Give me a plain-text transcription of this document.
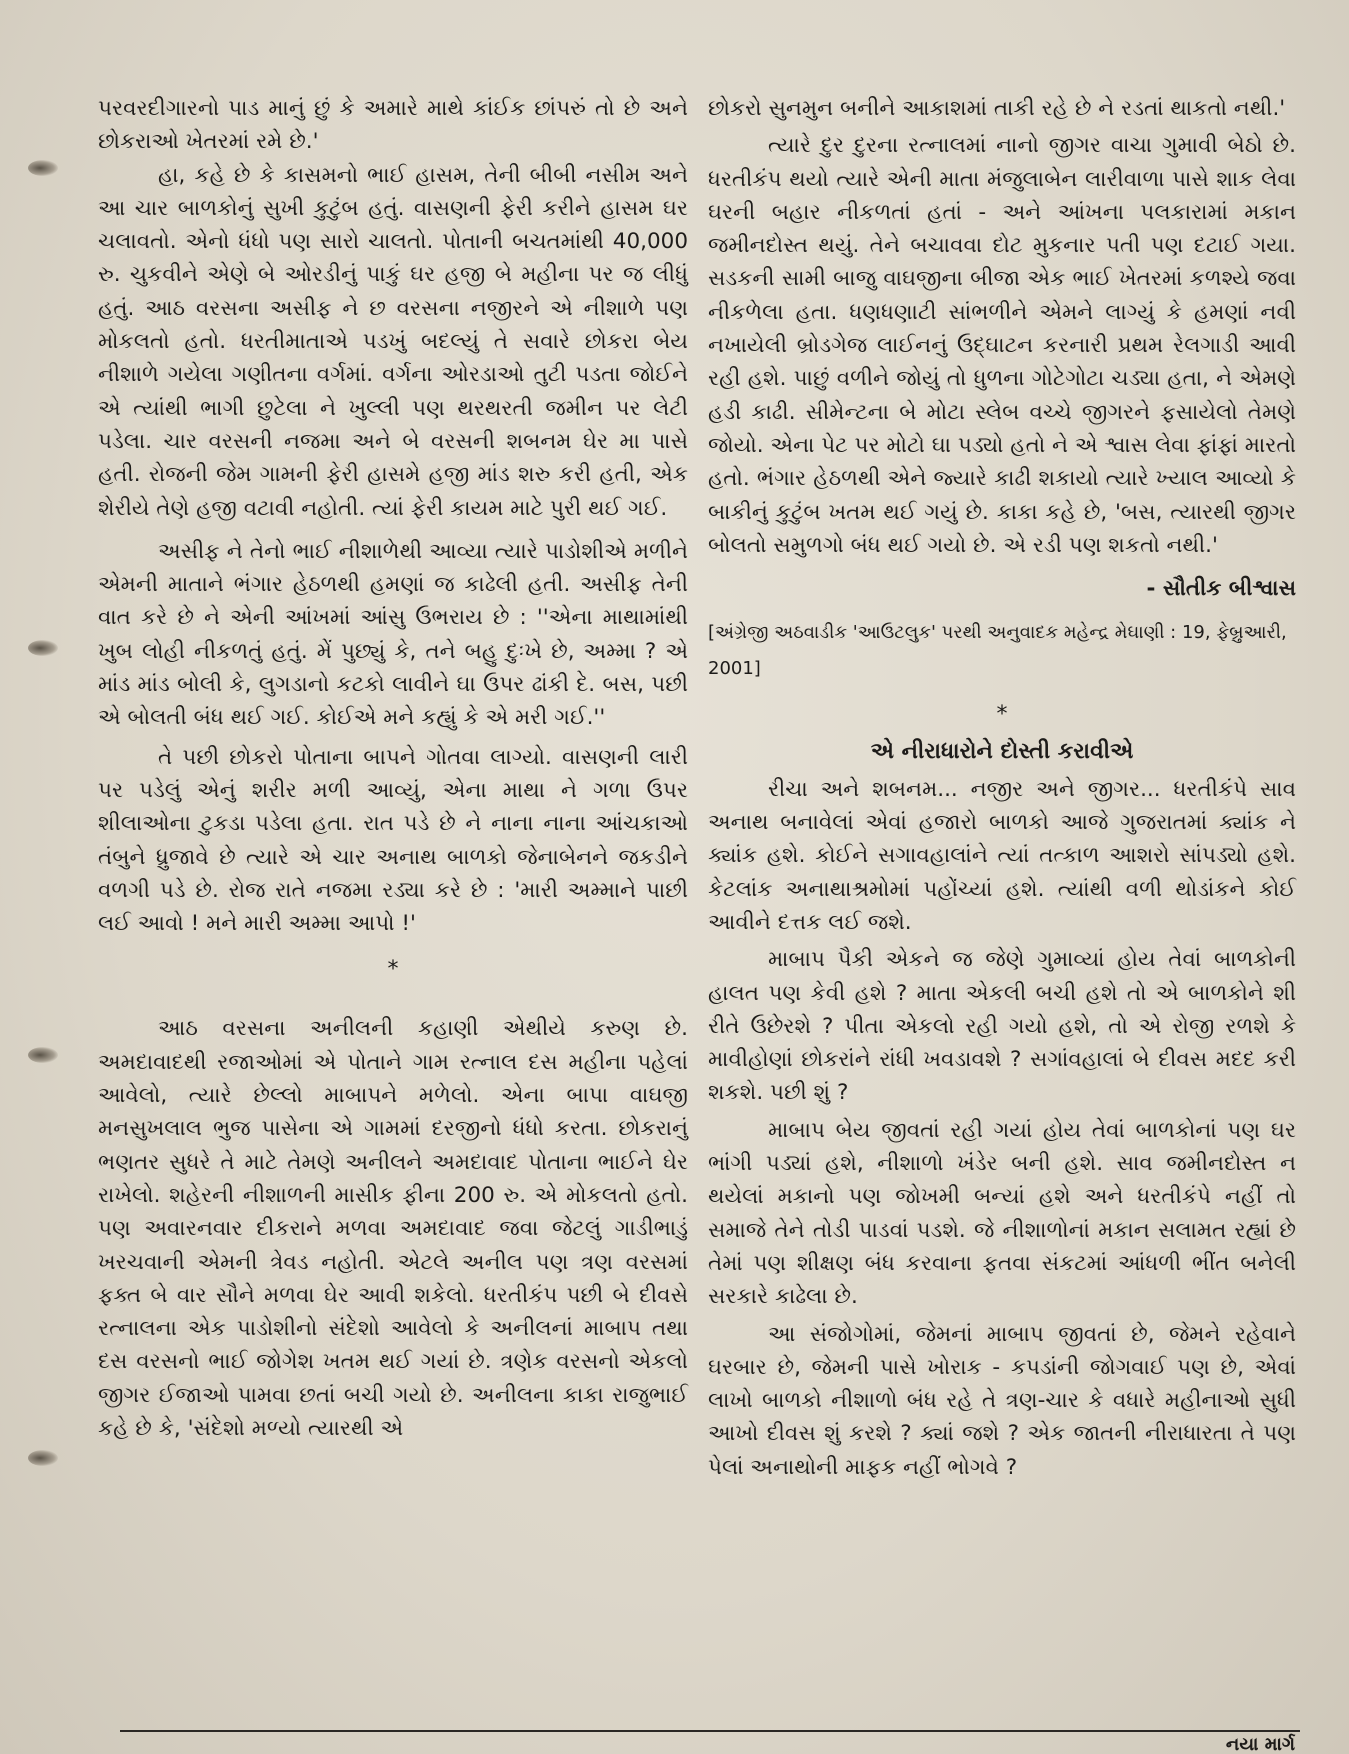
પરવરદીગારનો પાડ માનું છું કે અમારે માથે કાંઈક છાંપરું તો છે અને છોકરાઓ ખેતરમાં રમે છે.'

હા, કહે છે કે કાસમનો ભાઈ હાસમ, તેની બીબી નસીમ અને આ ચાર બાળકોનું સુખી કુટુંબ હતું. વાસણની ફેરી કરીને હાસમ ઘર ચલાવતો. એનો ધંધો પણ સારો ચાલતો. પોતાની બચતમાંથી 40,000 રુ. ચુકવીને એણે બે ઓરડીનું પાકું ઘર હજી બે મહીના પર જ લીધું હતું. આઠ વરસના અસીફ ને છ વરસના નજીરને એ નીશાળે પણ મોકલતો હતો. ધરતીમાતાએ પડખું બદલ્યું તે સવારે છોકરા બેય નીશાળે ગયેલા ગણીતના વર્ગમાં. વર્ગના ઓરડાઓ તુટી પડતા જોઈને એ ત્યાંથી ભાગી છુટેલા ને ખુલ્લી પણ થરથરતી જમીન પર લેટી પડેલા. ચાર વરસની નજમા અને બે વરસની શબનમ ઘેર મા પાસે હતી. રોજની જેમ ગામની ફેરી હાસમે હજી માંડ શરુ કરી હતી, એક શેરીયે તેણે હજી વટાવી નહોતી. ત્યાં ફેરી કાયમ માટે પુરી થઈ ગઈ.

અસીફ ને તેનો ભાઈ નીશાળેથી આવ્યા ત્યારે પાડોશીએ મળીને એમની માતાને ભંગાર હેઠળથી હમણાં જ કાઢેલી હતી. અસીફ તેની વાત કરે છે ને એની આંખમાં આંસુ ઉભરાય છે : ''એના માથામાંથી ખુબ લોહી નીકળતું હતું. મેં પુછ્યું કે, તને બહુ દુઃખે છે, અમ્મા ? એ માંડ માંડ બોલી કે, લુગડાનો કટકો લાવીને ઘા ઉપર ઢાંકી દે. બસ, પછી એ બોલતી બંધ થઈ ગઈ. કોઈએ મને કહ્યું કે એ મરી ગઈ.''

તે પછી છોકરો પોતાના બાપને ગોતવા લાગ્યો. વાસણની લારી પર પડેલું એનું શરીર મળી આવ્યું, એના માથા ને ગળા ઉપર શીલાઓના ટુકડા પડેલા હતા. રાત પડે છે ને નાના નાના આંચકાઓ તંબુને ધ્રુજાવે છે ત્યારે એ ચાર અનાથ બાળકો જેનાબેનને જકડીને વળગી પડે છે. રોજ રાતે નજમા રડ્યા કરે છે : 'મારી અમ્માને પાછી લઈ આવો ! મને મારી અમ્મા આપો !'

*

આઠ વરસના અનીલની કહાણી એથીયે કરુણ છે. અમદાવાદથી રજાઓમાં એ પોતાને ગામ રત્નાલ દસ મહીના પહેલાં આવેલો, ત્યારે છેલ્લો માબાપને મળેલો. એના બાપા વાઘજી મનસુખલાલ ભુજ પાસેના એ ગામમાં દરજીનો ધંધો કરતા. છોકરાનું ભણતર સુધરે તે માટે તેમણે અનીલને અમદાવાદ પોતાના ભાઈને ઘેર રાખેલો. શહેરની નીશાળની માસીક ફીના 200 રુ. એ મોકલતો હતો. પણ અવારનવાર દીકરાને મળવા અમદાવાદ જવા જેટલું ગાડીભાડું ખરચવાની એમની ત્રેવડ નહોતી. એટલે અનીલ પણ ત્રણ વરસમાં ફક્ત બે વાર સૌને મળવા ઘેર આવી શકેલો. ધરતીકંપ પછી બે દીવસે રત્નાલના એક પાડોશીનો સંદેશો આવેલો કે અનીલનાં માબાપ તથા દસ વરસનો ભાઈ જોગેશ ખતમ થઈ ગયાં છે. ત્રણેક વરસનો એકલો જીગર ઈજાઓ પામવા છતાં બચી ગયો છે. અનીલના કાકા રાજુભાઈ કહે છે કે, 'સંદેશો મળ્યો ત્યારથી એ

છોકરો સુનમુન બનીને આકાશમાં તાકી રહે છે ને રડતાં થાકતો નથી.'

ત્યારે દુર દુરના રત્નાલમાં નાનો જીગર વાચા ગુમાવી બેઠો છે. ધરતીકંપ થયો ત્યારે એની માતા મંજુલાબેન લારીવાળા પાસે શાક લેવા ઘરની બહાર નીકળતાં હતાં - અને આંખના પલકારામાં મકાન જમીનદોસ્ત થયું. તેને બચાવવા દોટ મુકનાર પતી પણ દટાઈ ગયા. સડકની સામી બાજુ વાઘજીના બીજા એક ભાઈ ખેતરમાં કળશ્યે જવા નીકળેલા હતા. ધણધણાટી સાંભળીને એમને લાગ્યું કે હમણાં નવી નખાયેલી બ્રોડગેજ લાઈનનું ઉદ્‌ઘાટન કરનારી પ્રથમ રેલગાડી આવી રહી હશે. પાછું વળીને જોયું તો ધુળના ગોટેગોટા ચડ્યા હતા, ને એમણે હડી કાઢી. સીમેન્ટના બે મોટા સ્લેબ વચ્ચે જીગરને ફસાયેલો તેમણે જોયો. એના પેટ પર મોટો ઘા પડ્યો હતો ને એ શ્વાસ લેવા ફાંફાં મારતો હતો. ભંગાર હેઠળથી એને જ્યારે કાઢી શકાયો ત્યારે ખ્યાલ આવ્યો કે બાકીનું કુટુંબ ખતમ થઈ ગયું છે. કાકા કહે છે, 'બસ, ત્યારથી જીગર બોલતો સમુળગો બંધ થઈ ગયો છે. એ રડી પણ શકતો નથી.'

- સૌતીક બીશ્વાસ
[અંગ્રેજી અઠવાડીક 'આઉટલુક' પરથી અનુવાદક મહેન્દ્ર મેઘાણી : 19, ફેબ્રુઆરી, 2001]
*
એ નીરાધારોને દોસ્તી કરાવીએ

રીચા અને શબનમ... નજીર અને જીગર... ધરતીકંપે સાવ અનાથ બનાવેલાં એવાં હજારો બાળકો આજે ગુજરાતમાં ક્યાંક ને ક્યાંક હશે. કોઈને સગાવહાલાંને ત્યાં તત્કાળ આશરો સાંપડ્યો હશે. કેટલાંક અનાથાશ્રમોમાં પહોંચ્યાં હશે. ત્યાંથી વળી થોડાંકને કોઈ આવીને દત્તક લઈ જશે.

માબાપ પૈકી એકને જ જેણે ગુમાવ્યાં હોય તેવાં બાળકોની હાલત પણ કેવી હશે ? માતા એકલી બચી હશે તો એ બાળકોને શી રીતે ઉછેરશે ? પીતા એકલો રહી ગયો હશે, તો એ રોજી રળશે કે માવીહોણાં છોકરાંને રાંધી ખવડાવશે ? સગાંવહાલાં બે દીવસ મદદ કરી શકશે. પછી શું ?

માબાપ બેય જીવતાં રહી ગયાં હોય તેવાં બાળકોનાં પણ ઘર ભાંગી પડ્યાં હશે, નીશાળો ખંડેર બની હશે. સાવ જમીનદોસ્ત ન થયેલાં મકાનો પણ જોખમી બન્યાં હશે અને ધરતીકંપે નહીં તો સમાજે તેને તોડી પાડવાં પડશે. જે નીશાળોનાં મકાન સલામત રહ્યાં છે તેમાં પણ શીક્ષણ બંધ કરવાના ફતવા સંકટમાં આંધળી ભીંત બનેલી સરકારે કાઢેલા છે.

આ સંજોગોમાં, જેમનાં માબાપ જીવતાં છે, જેમને રહેવાને ઘરબાર છે, જેમની પાસે ખોરાક - કપડાંની જોગવાઈ પણ છે, એવાં લાખો બાળકો નીશાળો બંધ રહે તે ત્રણ-ચાર કે વધારે મહીનાઓ સુધી આખો દીવસ શું કરશે ? ક્યાં જશે ? એક જાતની નીરાધારતા તે પણ પેલાં અનાથોની માફક નહીં ભોગવે ?

નયા માર્ગ
